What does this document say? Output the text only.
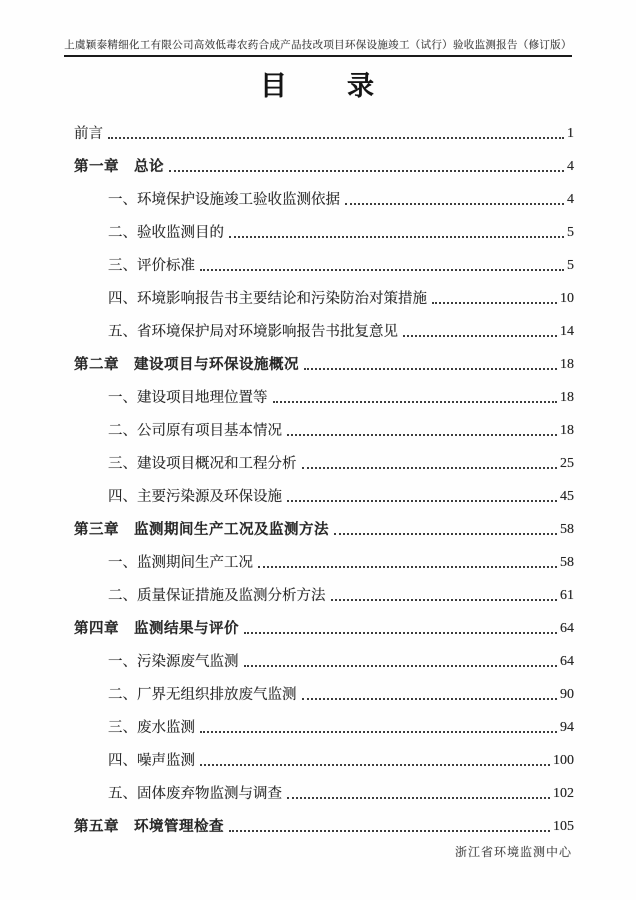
上虞颖泰精细化工有限公司高效低毒农药合成产品技改项目环保设施竣工（试行）验收监测报告（修订版）
目　　录
前言	1
第一章　总论	4
一、环境保护设施竣工验收监测依据	4
二、验收监测目的	5
三、评价标准	5
四、环境影响报告书主要结论和污染防治对策措施	10
五、省环境保护局对环境影响报告书批复意见	14
第二章　建设项目与环保设施概况	18
一、建设项目地理位置等	18
二、公司原有项目基本情况	18
三、建设项目概况和工程分析	25
四、主要污染源及环保设施	45
第三章　监测期间生产工况及监测方法	58
一、监测期间生产工况	58
二、质量保证措施及监测分析方法	61
第四章　监测结果与评价	64
一、污染源废气监测	64
二、厂界无组织排放废气监测	90
三、废水监测	94
四、噪声监测	100
五、固体废弃物监测与调查	102
第五章　环境管理检查	105
浙江省环境监测中心
